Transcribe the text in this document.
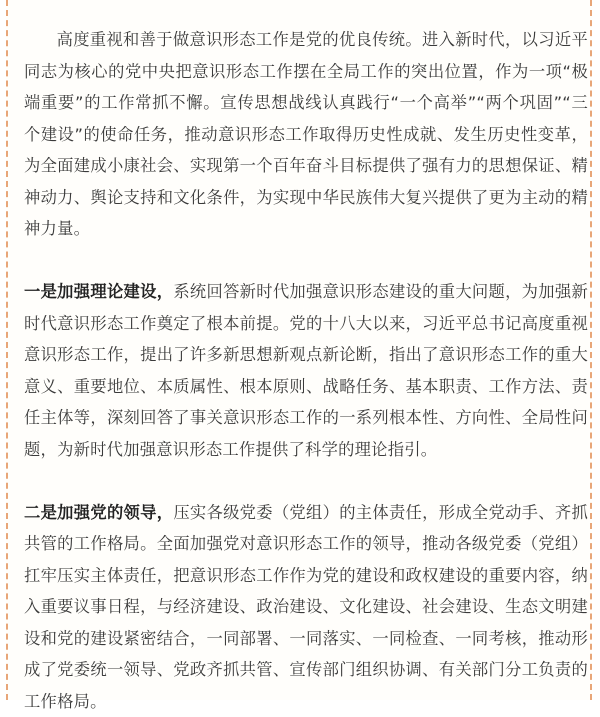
高度重视和善于做意识形态工作是党的优良传统。进入新时代，以习近平同志为核心的党中央把意识形态工作摆在全局工作的突出位置，作为一项“极端重要”的工作常抓不懈。宣传思想战线认真践行“一个高举”“两个巩固”“三个建设”的使命任务，推动意识形态工作取得历史性成就、发生历史性变革，为全面建成小康社会、实现第一个百年奋斗目标提供了强有力的思想保证、精神动力、舆论支持和文化条件，为实现中华民族伟大复兴提供了更为主动的精神力量。

一是加强理论建设，系统回答新时代加强意识形态建设的重大问题，为加强新时代意识形态工作奠定了根本前提。党的十八大以来，习近平总书记高度重视意识形态工作，提出了许多新思想新观点新论断，指出了意识形态工作的重大意义、重要地位、本质属性、根本原则、战略任务、基本职责、工作方法、责任主体等，深刻回答了事关意识形态工作的一系列根本性、方向性、全局性问题，为新时代加强意识形态工作提供了科学的理论指引。

二是加强党的领导，压实各级党委（党组）的主体责任，形成全党动手、齐抓共管的工作格局。全面加强党对意识形态工作的领导，推动各级党委（党组）扛牢压实主体责任，把意识形态工作作为党的建设和政权建设的重要内容，纳入重要议事日程，与经济建设、政治建设、文化建设、社会建设、生态文明建设和党的建设紧密结合，一同部署、一同落实、一同检查、一同考核，推动形成了党委统一领导、党政齐抓共管、宣传部门组织协调、有关部门分工负责的工作格局。
